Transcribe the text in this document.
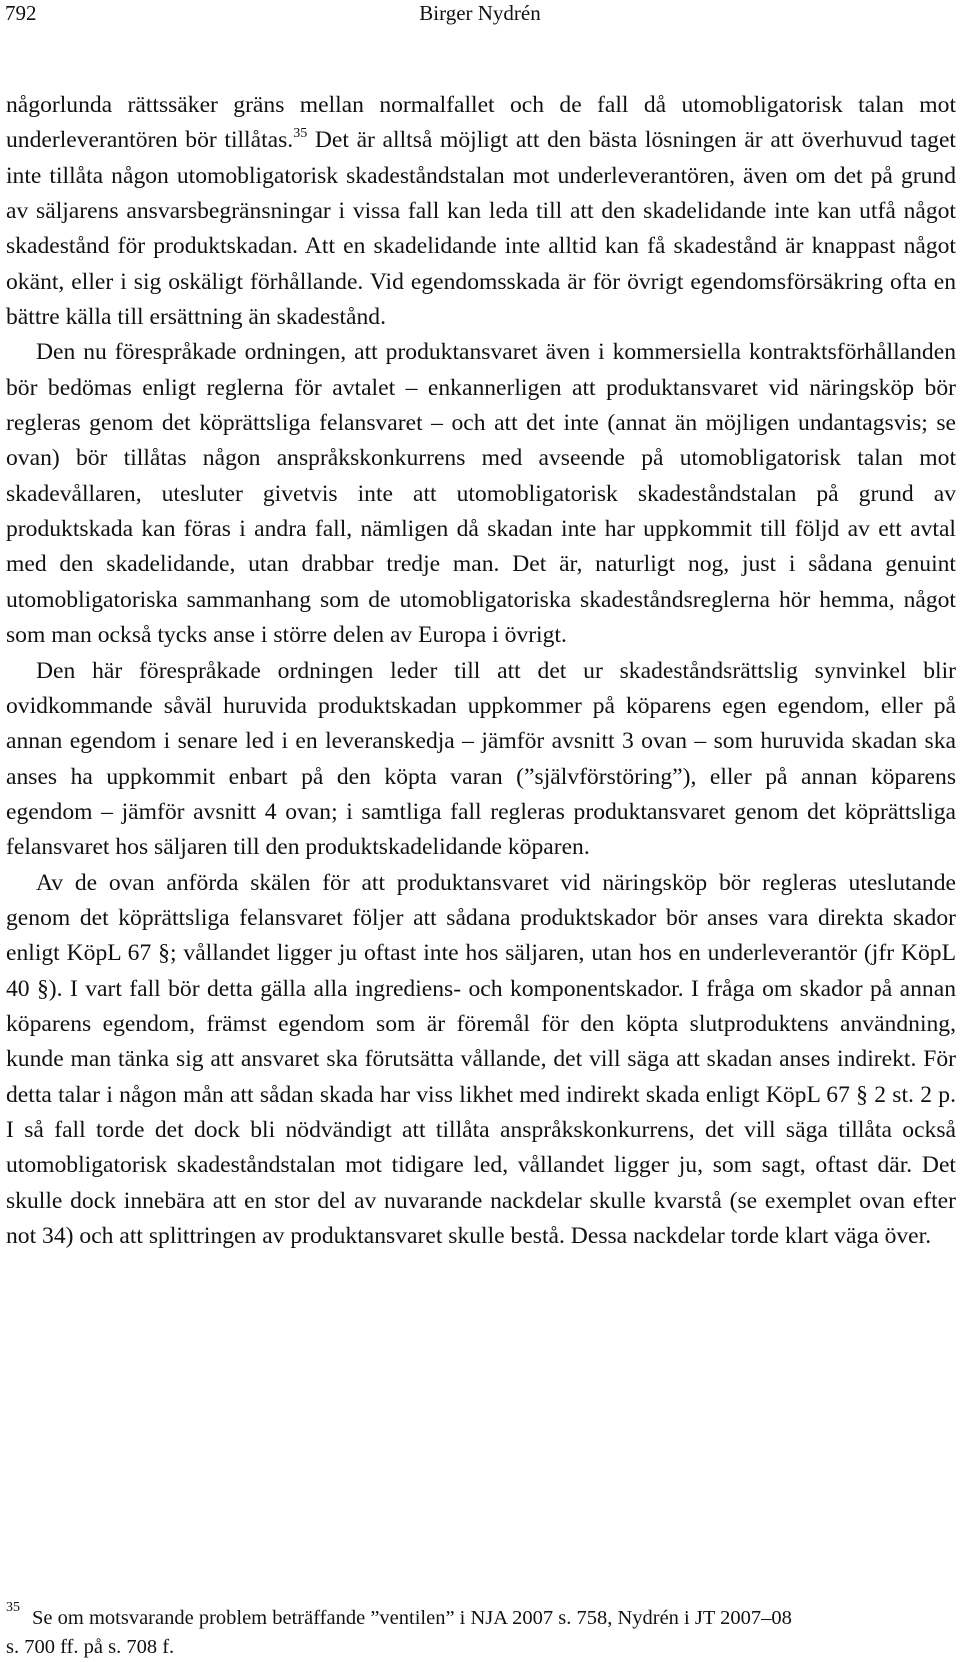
792	Birger Nydrén

någorlunda rättssäker gräns mellan normalfallet och de fall då utomobligatorisk talan mot underleverantören bör tillåtas.$^{35}$ Det är alltså möjligt att den bästa lösningen är att överhuvud taget inte tillåta någon utomobligatorisk skadeståndstalan mot underleverantören, även om det på grund av säljarens ansvarsbegränsningar i vissa fall kan leda till att den skadelidande inte kan utfå något skadestånd för produktskadan. Att en skadelidande inte alltid kan få skadestånd är knappast något okänt, eller i sig oskäligt förhållande. Vid egendomsskada är för övrigt egendomsförsäkring ofta en bättre källa till ersättning än skadestånd.

Den nu förespråkade ordningen, att produktansvaret även i kommersiella kontraktsförhållanden bör bedömas enligt reglerna för avtalet – enkannerligen att produktansvaret vid näringsköp bör regleras genom det köprättsliga felansvaret – och att det inte (annat än möjligen undantagsvis; se ovan) bör tillåtas någon anspråkskonkurrens med avseende på utomobligatorisk talan mot skadevållaren, utesluter givetvis inte att utomobligatorisk skadeståndstalan på grund av produktskada kan föras i andra fall, nämligen då skadan inte har uppkommit till följd av ett avtal med den skadelidande, utan drabbar tredje man. Det är, naturligt nog, just i sådana genuint utomobligatoriska sammanhang som de utomobligatoriska skadeståndsreglerna hör hemma, något som man också tycks anse i större delen av Europa i övrigt.

Den här förespråkade ordningen leder till att det ur skadeståndsrättslig synvinkel blir ovidkommande såväl huruvida produktskadan uppkommer på köparens egen egendom, eller på annan egendom i senare led i en leveranskedja – jämför avsnitt 3 ovan – som huruvida skadan ska anses ha uppkommit enbart på den köpta varan (”självförstöring”), eller på annan köparens egendom – jämför avsnitt 4 ovan; i samtliga fall regleras produktansvaret genom det köprättsliga felansvaret hos säljaren till den produktskadelidande köparen.

Av de ovan anförda skälen för att produktansvaret vid näringsköp bör regleras uteslutande genom det köprättsliga felansvaret följer att sådana produktskador bör anses vara direkta skador enligt KöpL 67 §; vållandet ligger ju oftast inte hos säljaren, utan hos en underleverantör (jfr KöpL 40 §). I vart fall bör detta gälla alla ingrediens- och komponentskador. I fråga om skador på annan köparens egendom, främst egendom som är föremål för den köpta slutproduktens användning, kunde man tänka sig att ansvaret ska förutsätta vållande, det vill säga att skadan anses indirekt. För detta talar i någon mån att sådan skada har viss likhet med indirekt skada enligt KöpL 67 § 2 st. 2 p. I så fall torde det dock bli nödvändigt att tillåta anspråkskonkurrens, det vill säga tillåta också utomobligatorisk skadeståndstalan mot tidigare led, vållandet ligger ju, som sagt, oftast där. Det skulle dock innebära att en stor del av nuvarande nackdelar skulle kvarstå (se exemplet ovan efter not 34) och att splittringen av produktansvaret skulle bestå. Dessa nackdelar torde klart väga över.

35 Se om motsvarande problem beträffande ”ventilen” i NJA 2007 s. 758, Nydrén i JT 2007–08
s. 700 ff. på s. 708 f.
